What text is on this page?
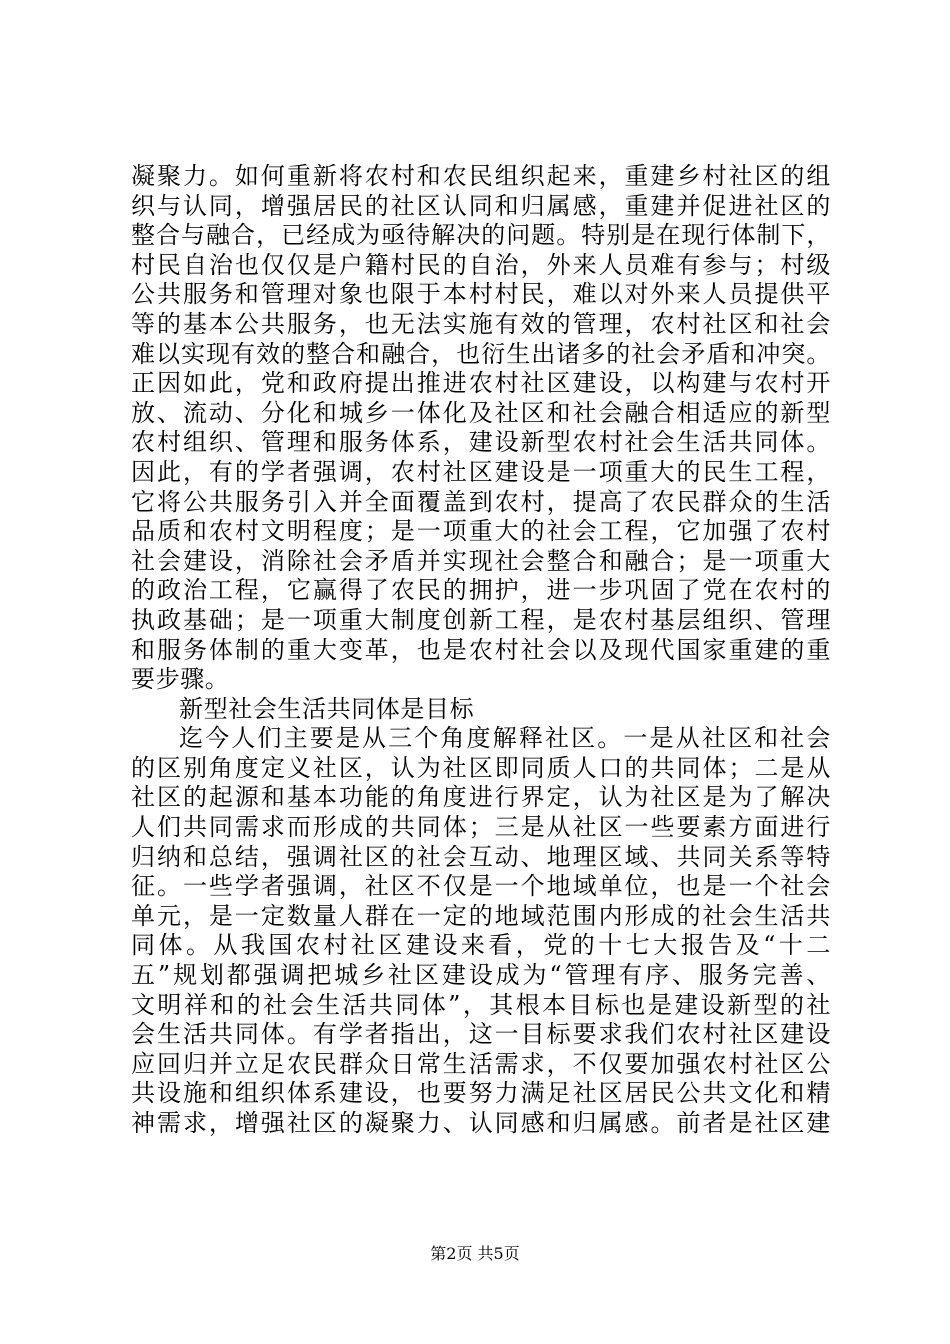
凝聚力。如何重新将农村和农民组织起来，重建乡村社区的组
织与认同，增强居民的社区认同和归属感，重建并促进社区的
整合与融合，已经成为亟待解决的问题。特别是在现行体制下，
村民自治也仅仅是户籍村民的自治，外来人员难有参与；村级
公共服务和管理对象也限于本村村民，难以对外来人员提供平
等的基本公共服务，也无法实施有效的管理，农村社区和社会
难以实现有效的整合和融合，也衍生出诸多的社会矛盾和冲突。
正因如此，党和政府提出推进农村社区建设，以构建与农村开
放、流动、分化和城乡一体化及社区和社会融合相适应的新型
农村组织、管理和服务体系，建设新型农村社会生活共同体。
因此，有的学者强调，农村社区建设是一项重大的民生工程，
它将公共服务引入并全面覆盖到农村，提高了农民群众的生活
品质和农村文明程度；是一项重大的社会工程，它加强了农村
社会建设，消除社会矛盾并实现社会整合和融合；是一项重大
的政治工程，它赢得了农民的拥护，进一步巩固了党在农村的
执政基础；是一项重大制度创新工程，是农村基层组织、管理
和服务体制的重大变革，也是农村社会以及现代国家重建的重
要步骤。
新型社会生活共同体是目标
迄今人们主要是从三个角度解释社区。一是从社区和社会
的区别角度定义社区，认为社区即同质人口的共同体；二是从
社区的起源和基本功能的角度进行界定，认为社区是为了解决
人们共同需求而形成的共同体；三是从社区一些要素方面进行
归纳和总结，强调社区的社会互动、地理区域、共同关系等特
征。一些学者强调，社区不仅是一个地域单位，也是一个社会
单元，是一定数量人群在一定的地域范围内形成的社会生活共
同体。从我国农村社区建设来看，党的十七大报告及“十二
五”规划都强调把城乡社区建设成为“管理有序、服务完善、
文明祥和的社会生活共同体”，其根本目标也是建设新型的社
会生活共同体。有学者指出，这一目标要求我们农村社区建设
应回归并立足农民群众日常生活需求，不仅要加强农村社区公
共设施和组织体系建设，也要努力满足社区居民公共文化和精
神需求，增强社区的凝聚力、认同感和归属感。前者是社区建
第2页 共5页
